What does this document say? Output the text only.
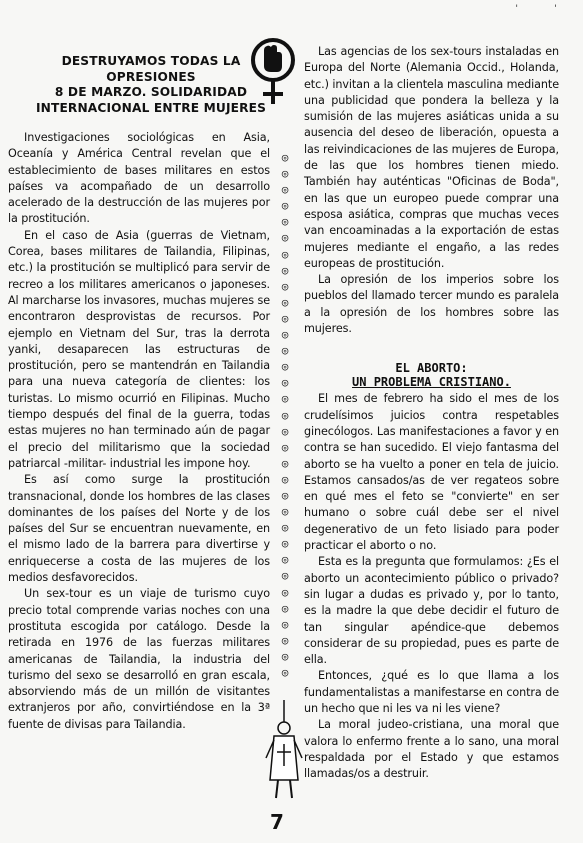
' '
DESTRUYAMOS TODAS LA
OPRESIONES
8 DE MARZO. SOLIDARIDAD
INTERNACIONAL ENTRE MUJERES

Investigaciones sociológicas en Asia, Oceanía y América Central revelan que el establecimiento de bases militares en estos países va acompañado de un desarrollo acelerado de la destrucción de las mujeres por la prostitución.

En el caso de Asia (guerras de Vietnam, Corea, bases militares de Tailandia, Filipinas, etc.) la prostitución se multiplicó para servir de recreo a los militares americanos o japoneses. Al marcharse los invasores, muchas mujeres se encontraron desprovistas de recursos. Por ejemplo en Vietnam del Sur, tras la derrota yanki, desaparecen las estructuras de prostitución, pero se mantendrán en Tailandia para una nueva categoría de clientes: los turistas. Lo mismo ocurrió en Filipinas. Mucho tiempo después del final de la guerra, todas estas mujeres no han terminado aún de pagar el precio del militarismo que la sociedad patriarcal -militar- industrial les impone hoy.

Es así como surge la prostitución transnacional, donde los hombres de las clases dominantes de los países del Norte y de los países del Sur se encuentran nuevamente, en el mismo lado de la barrera para divertirse y enriquecerse a costa de las mujeres de los medios desfavorecidos.

Un sex-tour es un viaje de turismo cuyo precio total comprende varias noches con una prostituta escogida por catálogo. Desde la retirada en 1976 de las fuerzas militares americanas de Tailandia, la industria del turismo del sexo se desarrolló en gran escala, absorviendo más de un millón de visitantes extranjeros por año, convirtiéndose en la 3ª fuente de divisas para Tailandia.

◎
◎
◎
◎
◎
◎
◎
◎
◎
◎
◎
◎
◎
◎
◎
◎
◎
◎
◎
◎
◎
◎
◎
◎
◎
◎
◎
◎
◎
◎
◎
◎
◎

Las agencias de los sex-tours instaladas en Europa del Norte (Alemania Occid., Holanda, etc.) invitan a la clientela masculina mediante una publicidad que pondera la belleza y la sumisión de las mujeres asiáticas unida a su ausencia del deseo de liberación, opuesta a las reivindicaciones de las mujeres de Europa, de las que los hombres tienen miedo. También hay auténticas "Oficinas de Boda", en las que un europeo puede comprar una esposa asiática, compras que muchas veces van encoaminadas a la exportación de estas mujeres mediante el engaño, a las redes europeas de prostitución.

La opresión de los imperios sobre los pueblos del llamado tercer mundo es paralela a la opresión de los hombres sobre las mujeres.

EL ABORTO:
UN PROBLEMA CRISTIANO.

El mes de febrero ha sido el mes de los crudelísimos juicios contra respetables ginecólogos. Las manifestaciones a favor y en contra se han sucedido. El viejo fantasma del aborto se ha vuelto a poner en tela de juicio. Estamos cansados/as de ver regateos sobre en qué mes el feto se "convierte" en ser humano o sobre cuál debe ser el nivel degenerativo de un feto lisiado para poder practicar el aborto o no.

Esta es la pregunta que formulamos: ¿Es el aborto un acontecimiento público o privado? sin lugar a dudas es privado y, por lo tanto, es la madre la que debe decidir el futuro de tan singular apéndice-que debemos considerar de su propiedad, pues es parte de ella.

Entonces, ¿qué es lo que llama a los fundamentalistas a manifestarse en contra de un hecho que ni les va ni les viene?

La moral judeo-cristiana, una moral que valora lo enfermo frente a lo sano, una moral respaldada por el Estado y que estamos llamadas/os a destruir.

7
